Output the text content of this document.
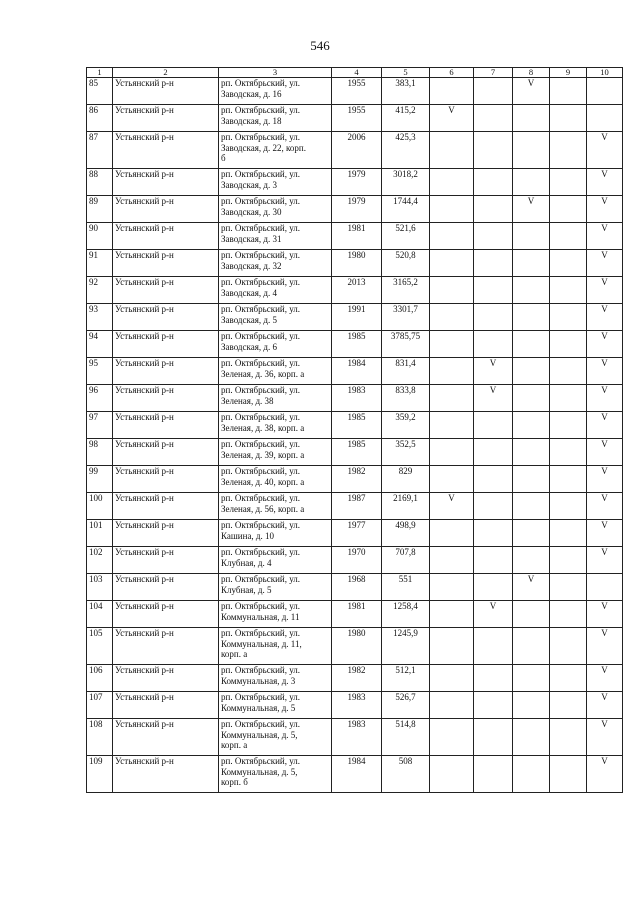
546
1	2	3	4	5	6	7	8	9	10
85	Устьянский р-н	рп. Октябрьский, ул.
Заводская, д. 16	1955	383,1			V		
86	Устьянский р-н	рп. Октябрьский, ул.
Заводская, д. 18	1955	415,2	V				
87	Устьянский р-н	рп. Октябрьский, ул.
Заводская, д. 22, корп.
б	2006	425,3					V
88	Устьянский р-н	рп. Октябрьский, ул.
Заводская, д. 3	1979	3018,2					V
89	Устьянский р-н	рп. Октябрьский, ул.
Заводская, д. 30	1979	1744,4			V		V
90	Устьянский р-н	рп. Октябрьский, ул.
Заводская, д. 31	1981	521,6					V
91	Устьянский р-н	рп. Октябрьский, ул.
Заводская, д. 32	1980	520,8					V
92	Устьянский р-н	рп. Октябрьский, ул.
Заводская, д. 4	2013	3165,2					V
93	Устьянский р-н	рп. Октябрьский, ул.
Заводская, д. 5	1991	3301,7					V
94	Устьянский р-н	рп. Октябрьский, ул.
Заводская, д. 6	1985	3785,75					V
95	Устьянский р-н	рп. Октябрьский, ул.
Зеленая, д. 36, корп. а	1984	831,4		V			V
96	Устьянский р-н	рп. Октябрьский, ул.
Зеленая, д. 38	1983	833,8		V			V
97	Устьянский р-н	рп. Октябрьский, ул.
Зеленая, д. 38, корп. а	1985	359,2					V
98	Устьянский р-н	рп. Октябрьский, ул.
Зеленая, д. 39, корп. а	1985	352,5					V
99	Устьянский р-н	рп. Октябрьский, ул.
Зеленая, д. 40, корп. а	1982	829					V
100	Устьянский р-н	рп. Октябрьский, ул.
Зеленая, д. 56, корп. а	1987	2169,1	V				V
101	Устьянский р-н	рп. Октябрьский, ул.
Кашина, д. 10	1977	498,9					V
102	Устьянский р-н	рп. Октябрьский, ул.
Клубная, д. 4	1970	707,8					V
103	Устьянский р-н	рп. Октябрьский, ул.
Клубная, д. 5	1968	551			V		
104	Устьянский р-н	рп. Октябрьский, ул.
Коммунальная, д. 11	1981	1258,4		V			V
105	Устьянский р-н	рп. Октябрьский, ул.
Коммунальная, д. 11,
корп. а	1980	1245,9					V
106	Устьянский р-н	рп. Октябрьский, ул.
Коммунальная, д. 3	1982	512,1					V
107	Устьянский р-н	рп. Октябрьский, ул.
Коммунальная, д. 5	1983	526,7					V
108	Устьянский р-н	рп. Октябрьский, ул.
Коммунальная, д. 5,
корп. а	1983	514,8					V
109	Устьянский р-н	рп. Октябрьский, ул.
Коммунальная, д. 5,
корп. б	1984	508					V
